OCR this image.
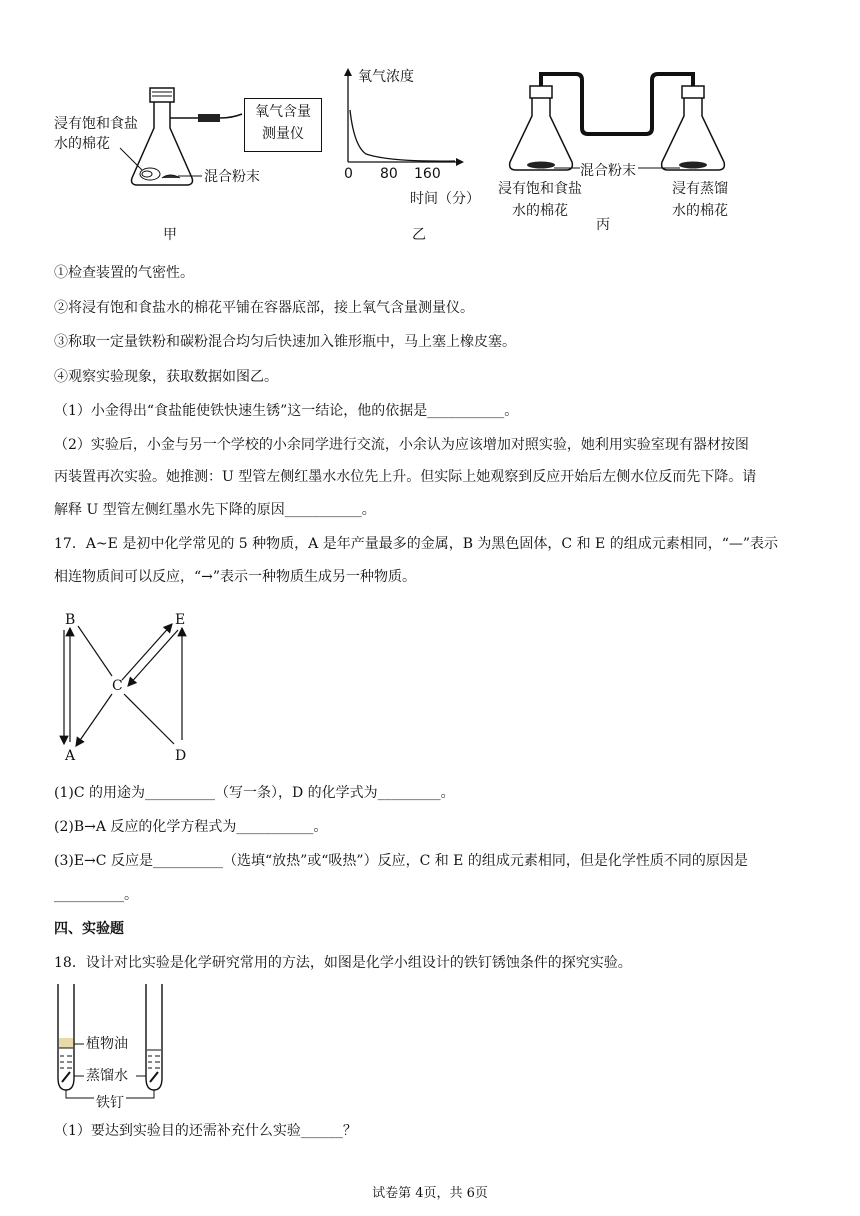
浸有饱和食盐
水的棉花
混合粉末
氧气含量
测量仪
甲
氧气浓度
0 80 160
时间（分）
乙
混合粉末
浸有饱和食盐
水的棉花
浸有蒸馏
水的棉花
丙
①检查装置的气密性。
②将浸有饱和食盐水的棉花平铺在容器底部，接上氧气含量测量仪。
③称取一定量铁粉和碳粉混合均匀后快速加入锥形瓶中，马上塞上橡皮塞。
④观察实验现象，获取数据如图乙。
（1）小金得出“食盐能使铁快速生锈”这一结论，他的依据是___________。
（2）实验后，小金与另一个学校的小余同学进行交流，小余认为应该增加对照实验，她利用实验室现有器材按图
丙装置再次实验。她推测：U 型管左侧红墨水水位先上升。但实际上她观察到反应开始后左侧水位反而先下降。请
解释 U 型管左侧红墨水先下降的原因___________。
17．A~E 是初中化学常见的 5 种物质，A 是年产量最多的金属，B 为黑色固体，C 和 E 的组成元素相同，“—”表示
相连物质间可以反应，“→”表示一种物质生成另一种物质。
B	E
C
A	D
(1)C 的用途为__________（写一条），D 的化学式为_________。
(2)B→A 反应的化学方程式为___________。
(3)E→C 反应是__________（选填“放热”或“吸热”）反应，C 和 E 的组成元素相同，但是化学性质不同的原因是
__________。
四、实验题
18．设计对比实验是化学研究常用的方法，如图是化学小组设计的铁钉锈蚀条件的探究实验。
植物油
蒸馏水
铁钉
（1）要达到实验目的还需补充什么实验______？
试卷第 4页，共 6页
